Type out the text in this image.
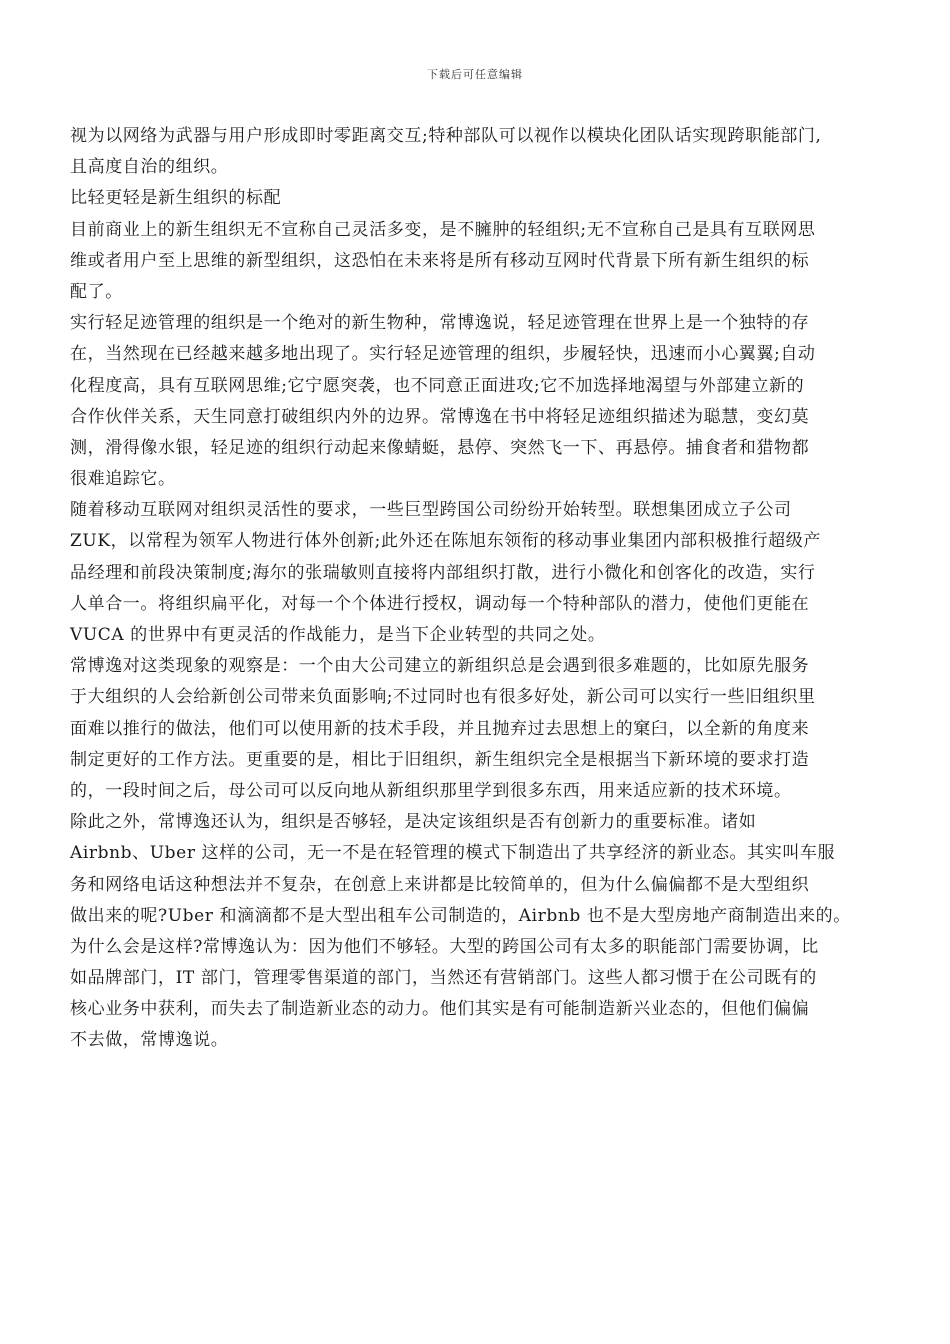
下载后可任意编辑
视为以网络为武器与用户形成即时零距离交互;特种部队可以视作以模块化团队话实现跨职能部门,
且高度自治的组织。
比轻更轻是新生组织的标配
目前商业上的新生组织无不宣称自己灵活多变，是不臃肿的轻组织;无不宣称自己是具有互联网思
维或者用户至上思维的新型组织，这恐怕在未来将是所有移动互网时代背景下所有新生组织的标
配了。
实行轻足迹管理的组织是一个绝对的新生物种，常博逸说，轻足迹管理在世界上是一个独特的存
在，当然现在已经越来越多地出现了。实行轻足迹管理的组织，步履轻快，迅速而小心翼翼;自动
化程度高，具有互联网思维;它宁愿突袭，也不同意正面进攻;它不加选择地渴望与外部建立新的
合作伙伴关系，天生同意打破组织内外的边界。常博逸在书中将轻足迹组织描述为聪慧，变幻莫
测，滑得像水银，轻足迹的组织行动起来像蜻蜓，悬停、突然飞一下、再悬停。捕食者和猎物都
很难追踪它。
随着移动互联网对组织灵活性的要求，一些巨型跨国公司纷纷开始转型。联想集团成立子公司
ZUK，以常程为领军人物进行体外创新;此外还在陈旭东领衔的移动事业集团内部积极推行超级产
品经理和前段决策制度;海尔的张瑞敏则直接将内部组织打散，进行小微化和创客化的改造，实行
人单合一。将组织扁平化，对每一个个体进行授权，调动每一个特种部队的潜力，使他们更能在
VUCA 的世界中有更灵活的作战能力，是当下企业转型的共同之处。
常博逸对这类现象的观察是：一个由大公司建立的新组织总是会遇到很多难题的，比如原先服务
于大组织的人会给新创公司带来负面影响;不过同时也有很多好处，新公司可以实行一些旧组织里
面难以推行的做法，他们可以使用新的技术手段，并且抛弃过去思想上的窠臼，以全新的角度来
制定更好的工作方法。更重要的是，相比于旧组织，新生组织完全是根据当下新环境的要求打造
的，一段时间之后，母公司可以反向地从新组织那里学到很多东西，用来适应新的技术环境。
除此之外，常博逸还认为，组织是否够轻，是决定该组织是否有创新力的重要标准。诸如
Airbnb、Uber 这样的公司，无一不是在轻管理的模式下制造出了共享经济的新业态。其实叫车服
务和网络电话这种想法并不复杂，在创意上来讲都是比较简单的，但为什么偏偏都不是大型组织
做出来的呢?Uber 和滴滴都不是大型出租车公司制造的，Airbnb 也不是大型房地产商制造出来的。
为什么会是这样?常博逸认为：因为他们不够轻。大型的跨国公司有太多的职能部门需要协调，比
如品牌部门，IT 部门，管理零售渠道的部门，当然还有营销部门。这些人都习惯于在公司既有的
核心业务中获利，而失去了制造新业态的动力。他们其实是有可能制造新兴业态的，但他们偏偏
不去做，常博逸说。
